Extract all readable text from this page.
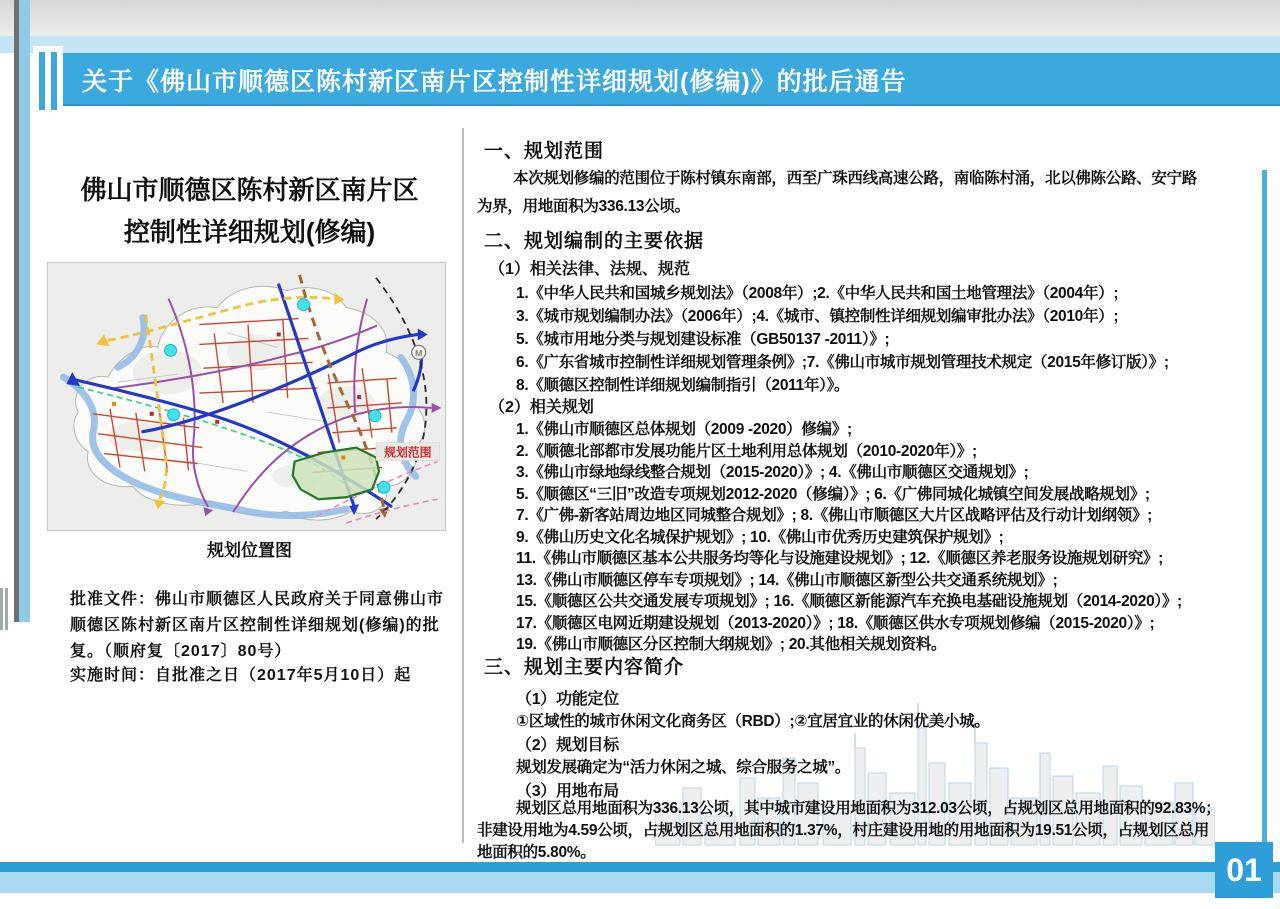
关于《佛山市顺德区陈村新区南片区控制性详细规划(修编)》的批后通告
佛山市顺德区陈村新区南片区
控制性详细规划(修编)
M
规划范围
规划位置图
批准文件：佛山市顺德区人民政府关于同意佛山市
顺德区陈村新区南片区控制性详细规划(修编)的批
复。（顺府复〔2017〕80号）
实施时间：自批准之日（2017年5月10日）起
一、规划范围
本次规划修编的范围位于陈村镇东南部，西至广珠西线高速公路，南临陈村涌，北以佛陈公路、安宁路
为界，用地面积为336.13公顷。
二、规划编制的主要依据
（1）相关法律、法规、规范
1.《中华人民共和国城乡规划法》（2008年）;2.《中华人民共和国土地管理法》（2004年）;
3.《城市规划编制办法》（2006年）;4.《城市、镇控制性详细规划编审批办法》（2010年）;
5.《城市用地分类与规划建设标准（GB50137 -2011）》;
6.《广东省城市控制性详细规划管理条例》;7.《佛山市城市规划管理技术规定（2015年修订版）》;
8.《顺德区控制性详细规划编制指引（2011年）》。
（2）相关规划
1.《佛山市顺德区总体规划（2009 -2020）修编》;
2.《顺德北部都市发展功能片区土地利用总体规划（2010-2020年）》;
3.《佛山市绿地绿线整合规划（2015-2020）》; 4.《佛山市顺德区交通规划》;
5.《顺德区“三旧”改造专项规划2012-2020（修编）》; 6.《广佛同城化城镇空间发展战略规划》;
7.《广佛-新客站周边地区同城整合规划》; 8.《佛山市顺德区大片区战略评估及行动计划纲领》;
9.《佛山历史文化名城保护规划》; 10.《佛山市优秀历史建筑保护规划》;
11.《佛山市顺德区基本公共服务均等化与设施建设规划》; 12.《顺德区养老服务设施规划研究》;
13.《佛山市顺德区停车专项规划》; 14.《佛山市顺德区新型公共交通系统规划》;
15.《顺德区公共交通发展专项规划》; 16.《顺德区新能源汽车充换电基础设施规划（2014-2020）》;
17.《顺德区电网近期建设规划（2013-2020）》; 18.《顺德区供水专项规划修编（2015-2020）》;
19.《佛山市顺德区分区控制大纲规划》; 20.其他相关规划资料。
三、规划主要内容简介
（1）功能定位
①区域性的城市休闲文化商务区（RBD）;②宜居宜业的休闲优美小城。
（2）规划目标
规划发展确定为“活力休闲之城、综合服务之城”。
（3）用地布局
规划区总用地面积为336.13公顷，其中城市建设用地面积为312.03公顷，占规划区总用地面积的92.83%；
非建设用地为4.59公顷，占规划区总用地面积的1.37%，村庄建设用地的用地面积为19.51公顷，占规划区总用
地面积的5.80%。	01
